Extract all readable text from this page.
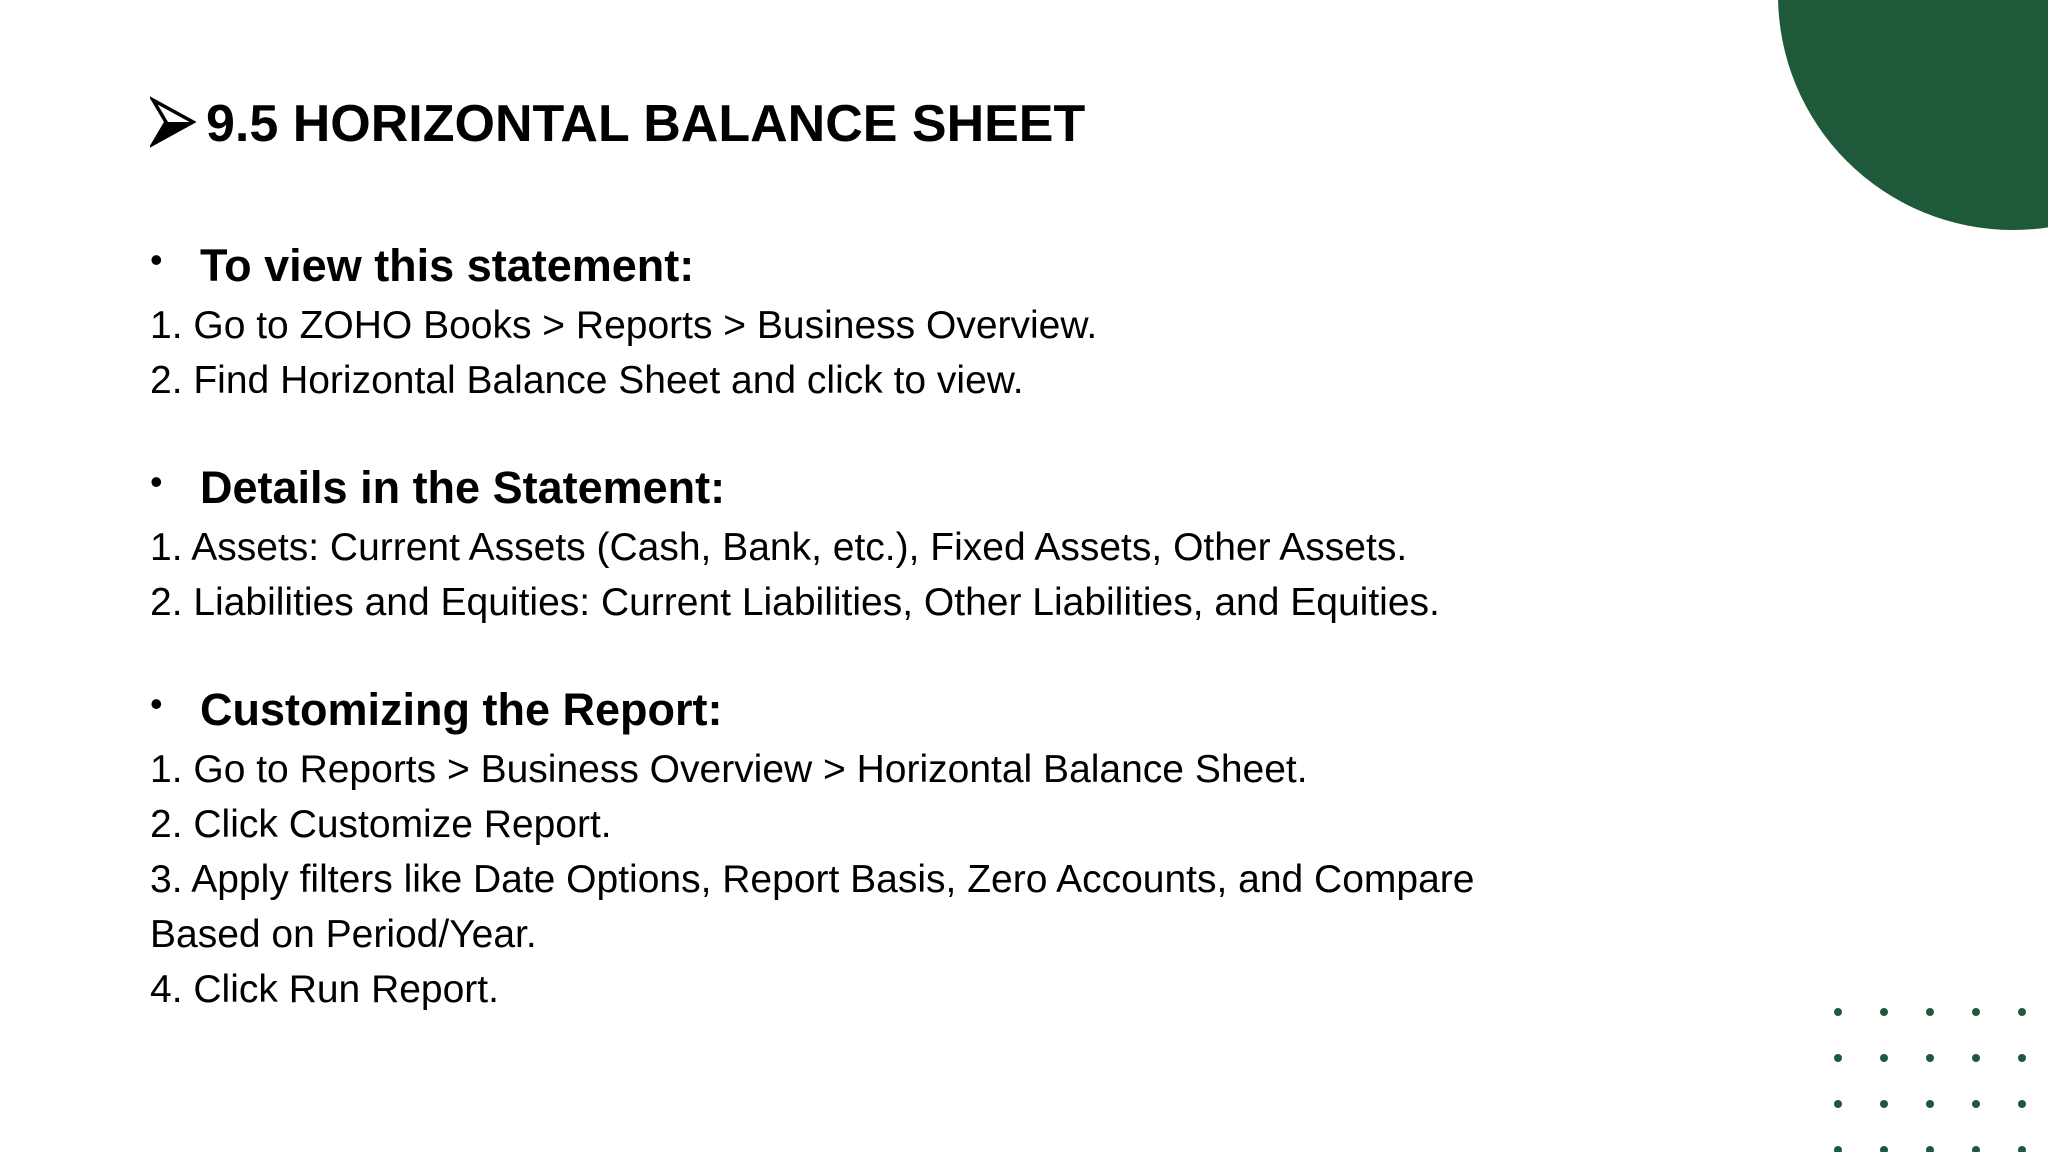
9.5 HORIZONTAL BALANCE SHEET
• To view this statement:
1. Go to ZOHO Books > Reports > Business Overview.
2. Find Horizontal Balance Sheet and click to view.
• Details in the Statement:
1. Assets: Current Assets (Cash, Bank, etc.), Fixed Assets, Other Assets.
2. Liabilities and Equities: Current Liabilities, Other Liabilities, and Equities.
• Customizing the Report:
1. Go to Reports > Business Overview > Horizontal Balance Sheet.
2. Click Customize Report.
3. Apply filters like Date Options, Report Basis, Zero Accounts, and Compare
Based on Period/Year.
4. Click Run Report.
